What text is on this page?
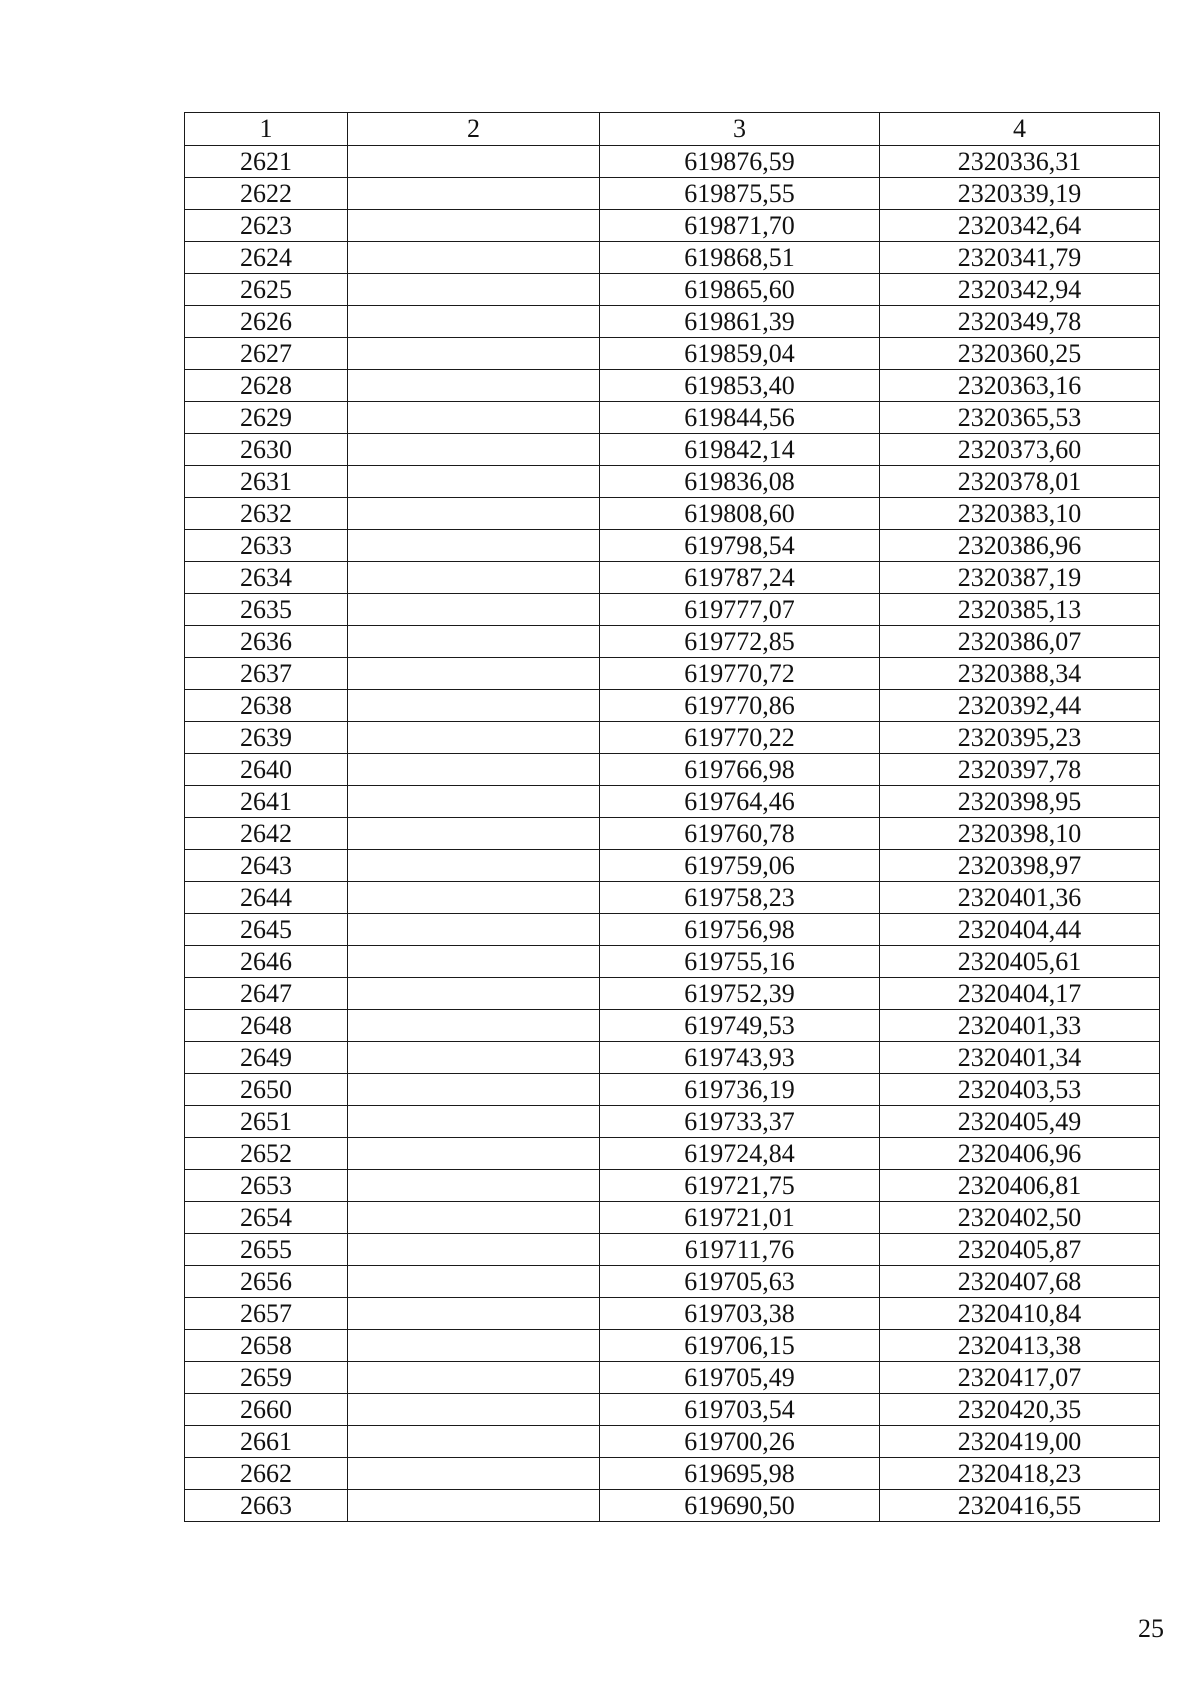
1	2	3	4
2621		619876,59	2320336,31
2622		619875,55	2320339,19
2623		619871,70	2320342,64
2624		619868,51	2320341,79
2625		619865,60	2320342,94
2626		619861,39	2320349,78
2627		619859,04	2320360,25
2628		619853,40	2320363,16
2629		619844,56	2320365,53
2630		619842,14	2320373,60
2631		619836,08	2320378,01
2632		619808,60	2320383,10
2633		619798,54	2320386,96
2634		619787,24	2320387,19
2635		619777,07	2320385,13
2636		619772,85	2320386,07
2637		619770,72	2320388,34
2638		619770,86	2320392,44
2639		619770,22	2320395,23
2640		619766,98	2320397,78
2641		619764,46	2320398,95
2642		619760,78	2320398,10
2643		619759,06	2320398,97
2644		619758,23	2320401,36
2645		619756,98	2320404,44
2646		619755,16	2320405,61
2647		619752,39	2320404,17
2648		619749,53	2320401,33
2649		619743,93	2320401,34
2650		619736,19	2320403,53
2651		619733,37	2320405,49
2652		619724,84	2320406,96
2653		619721,75	2320406,81
2654		619721,01	2320402,50
2655		619711,76	2320405,87
2656		619705,63	2320407,68
2657		619703,38	2320410,84
2658		619706,15	2320413,38
2659		619705,49	2320417,07
2660		619703,54	2320420,35
2661		619700,26	2320419,00
2662		619695,98	2320418,23
2663		619690,50	2320416,55
25
